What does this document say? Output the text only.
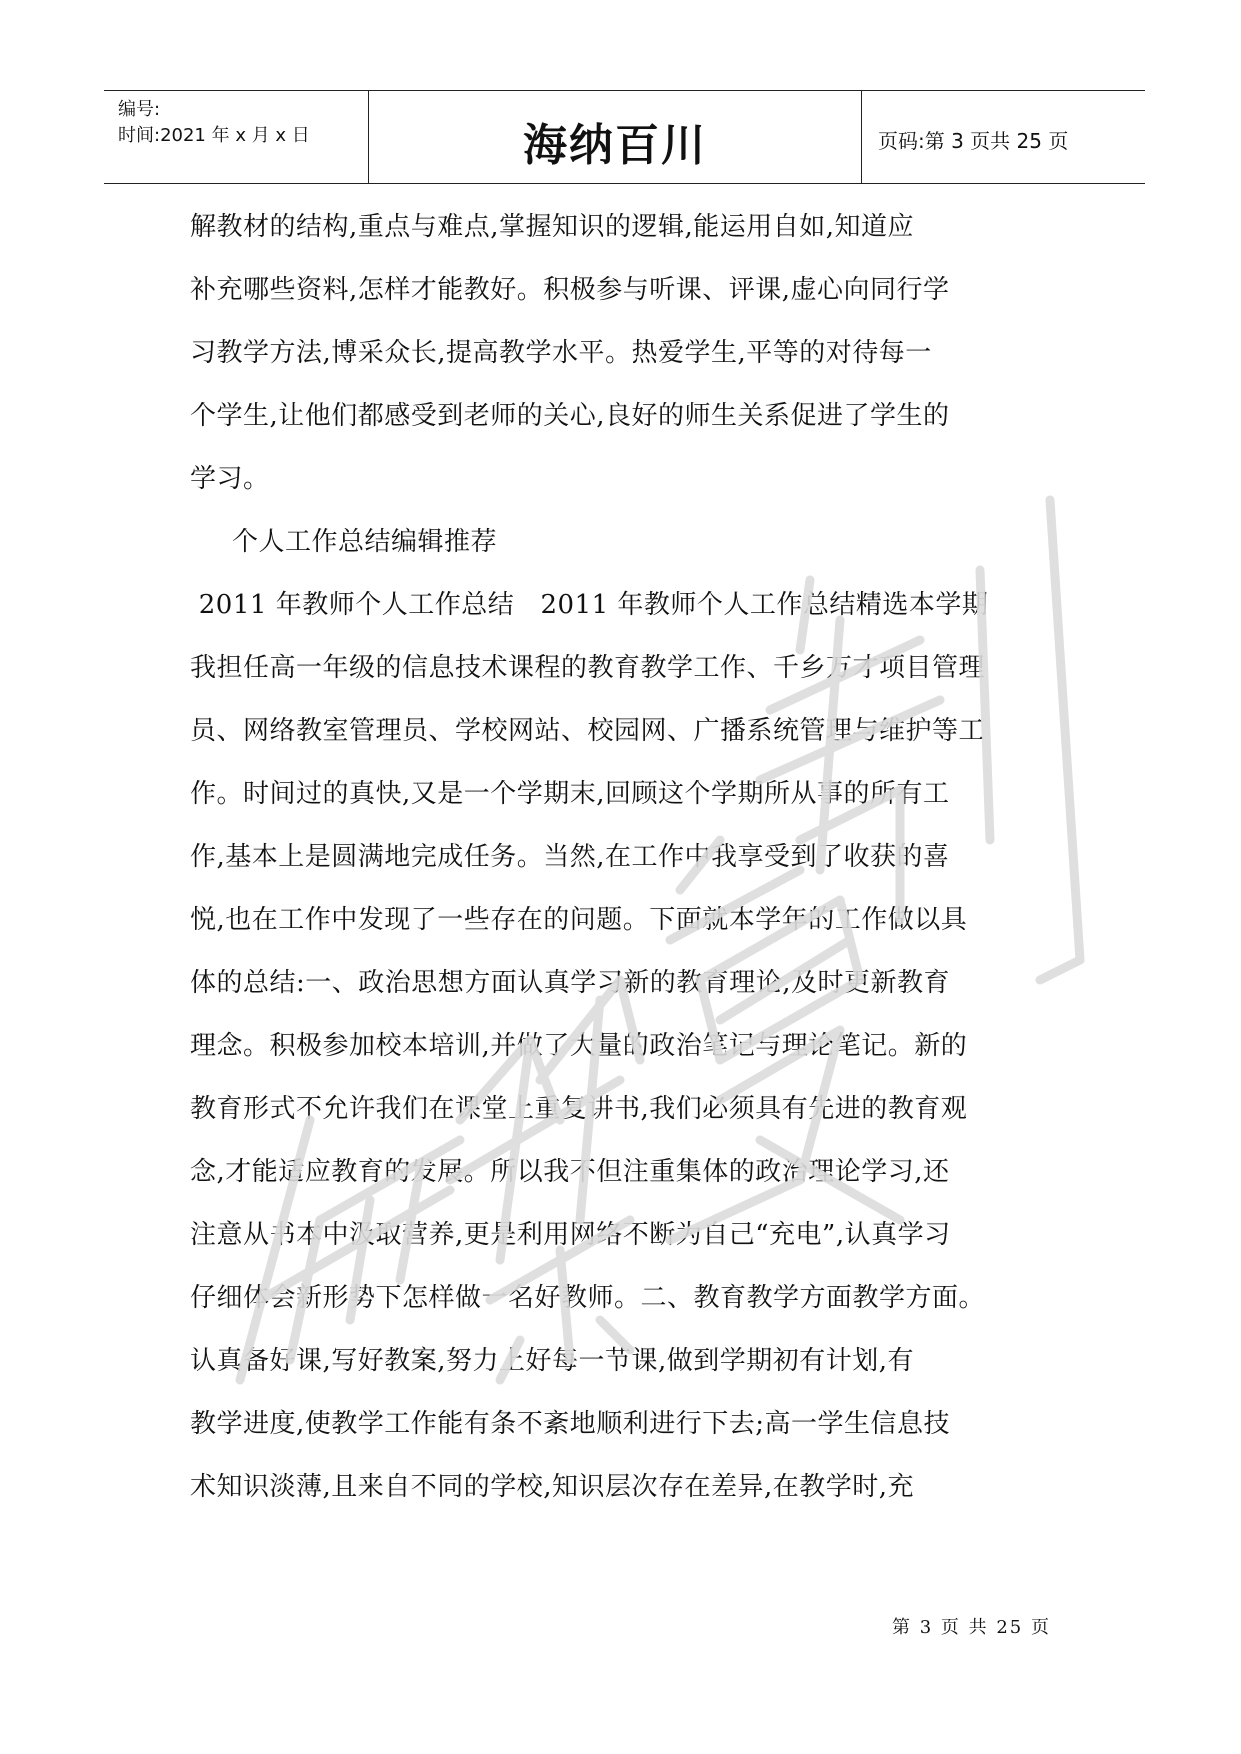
编号:
时间:2021 年 x 月 x 日	海纳百川	页码:第 3 页共 25 页
解教材的结构,重点与难点,掌握知识的逻辑,能运用自如,知道应
补充哪些资料,怎样才能教好。积极参与听课、评课,虚心向同行学
习教学方法,博采众长,提高教学水平。热爱学生,平等的对待每一
个学生,让他们都感受到老师的关心,良好的师生关系促进了学生的
学习。
个人工作总结编辑推荐
2011 年教师个人工作总结   2011 年教师个人工作总结精选本学期
我担任高一年级的信息技术课程的教育教学工作、千乡万才项目管理
员、网络教室管理员、学校网站、校园网、广播系统管理与维护等工
作。时间过的真快,又是一个学期末,回顾这个学期所从事的所有工
作,基本上是圆满地完成任务。当然,在工作中我享受到了收获的喜
悦,也在工作中发现了一些存在的问题。下面就本学年的工作做以具
体的总结:一、政治思想方面认真学习新的教育理论,及时更新教育
理念。积极参加校本培训,并做了大量的政治笔记与理论笔记。新的
教育形式不允许我们在课堂上重复讲书,我们必须具有先进的教育观
念,才能适应教育的发展。所以我不但注重集体的政治理论学习,还
注意从书本中汲取营养,更是利用网络不断为自己“充电”,认真学习
仔细体会新形势下怎样做一名好教师。二、教育教学方面教学方面。
认真备好课,写好教案,努力上好每一节课,做到学期初有计划,有
教学进度,使教学工作能有条不紊地顺利进行下去;高一学生信息技
术知识淡薄,且来自不同的学校,知识层次存在差异,在教学时,充
第 3 页 共 25 页
